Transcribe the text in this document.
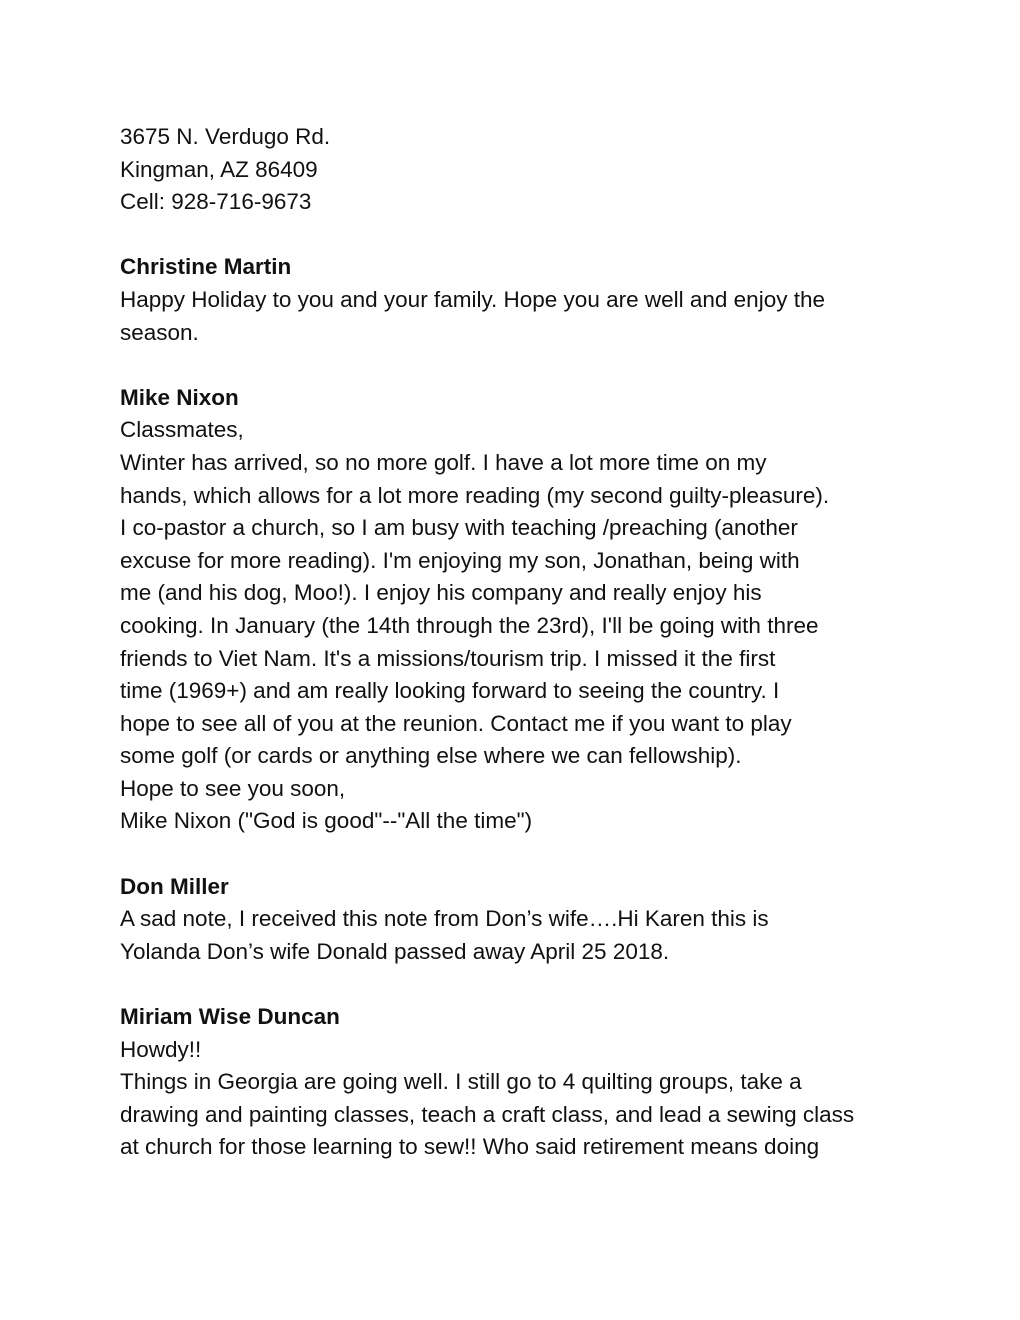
3675 N. Verdugo Rd.
Kingman, AZ 86409
Cell: 928-716-9673
Christine Martin
Happy Holiday to you and your family. Hope you are well and enjoy the
season.
Mike Nixon
Classmates,
Winter has arrived, so no more golf. I have a lot more time on my
hands, which allows for a lot more reading (my second guilty-pleasure).
I co-pastor a church, so I am busy with teaching /preaching (another
excuse for more reading). I'm enjoying my son, Jonathan, being with
me (and his dog, Moo!). I enjoy his company and really enjoy his
cooking. In January (the 14th through the 23rd), I'll be going with three
friends to Viet Nam. It's a missions/tourism trip. I missed it the first
time (1969+) and am really looking forward to seeing the country. I
hope to see all of you at the reunion. Contact me if you want to play
some golf (or cards or anything else where we can fellowship).
Hope to see you soon,
Mike Nixon ("God is good"--"All the time")
Don Miller
A sad note, I received this note from Don’s wife….Hi Karen this is
Yolanda Don’s wife Donald passed away April 25 2018.
Miriam Wise Duncan
Howdy!!
Things in Georgia are going well. I still go to 4 quilting groups, take a
drawing and painting classes, teach a craft class, and lead a sewing class
at church for those learning to sew!! Who said retirement means doing
